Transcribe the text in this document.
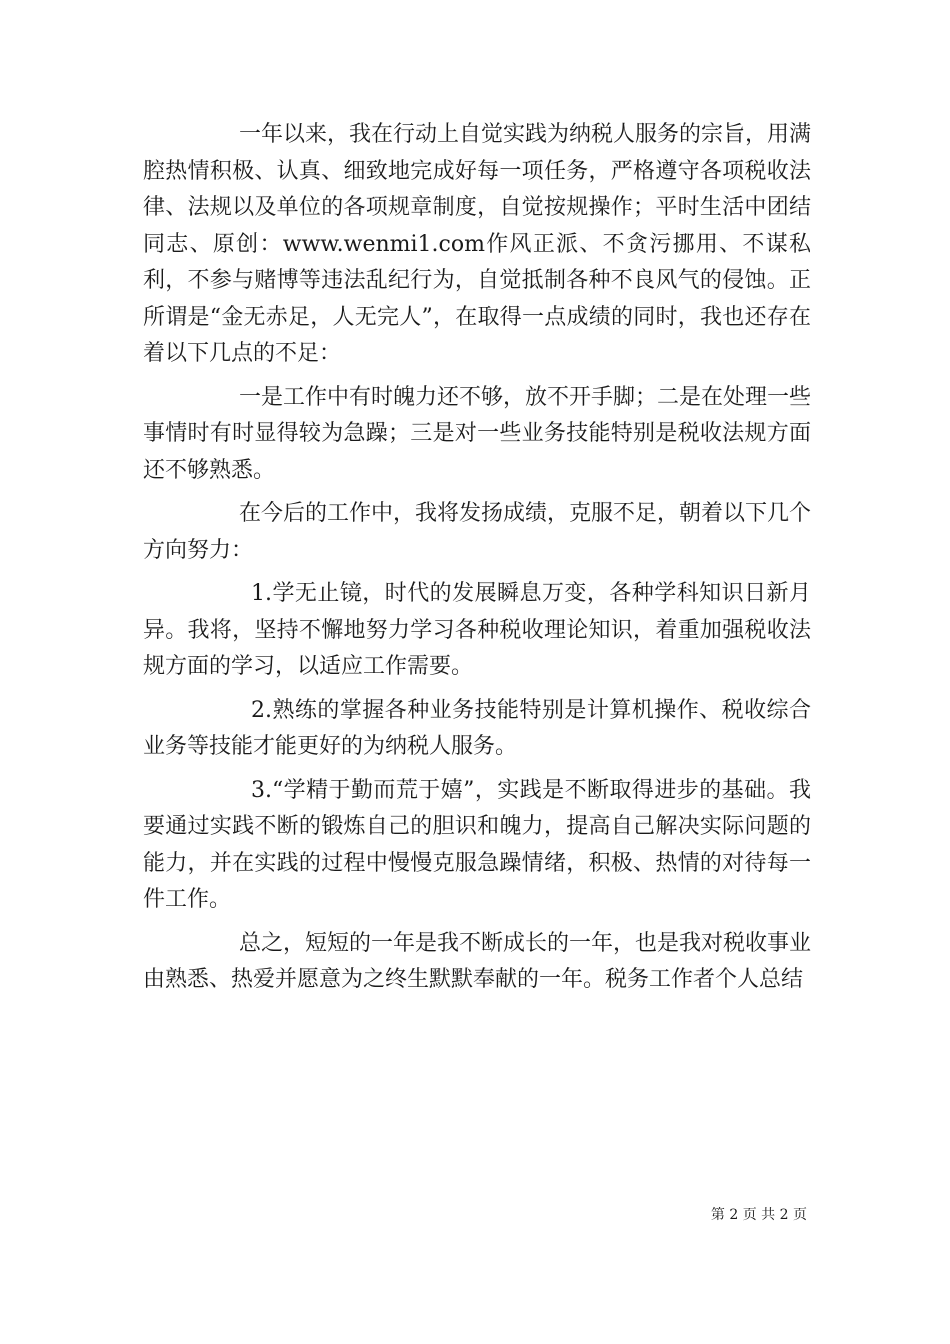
一年以来，我在行动上自觉实践为纳税人服务的宗旨，用满腔热情积极、认真、细致地完成好每一项任务，严格遵守各项税收法律、法规以及单位的各项规章制度，自觉按规操作；平时生活中团结同志、原创：www.wenmi1.com作风正派、不贪污挪用、不谋私利，不参与赌博等违法乱纪行为，自觉抵制各种不良风气的侵蚀。正所谓是“金无赤足，人无完人”，在取得一点成绩的同时，我也还存在着以下几点的不足：

一是工作中有时魄力还不够，放不开手脚；二是在处理一些事情时有时显得较为急躁；三是对一些业务技能特别是税收法规方面还不够熟悉。

在今后的工作中，我将发扬成绩，克服不足，朝着以下几个方向努力：

1.学无止镜，时代的发展瞬息万变，各种学科知识日新月异。我将，坚持不懈地努力学习各种税收理论知识，着重加强税收法规方面的学习，以适应工作需要。

2.熟练的掌握各种业务技能特别是计算机操作、税收综合业务等技能才能更好的为纳税人服务。

3.“学精于勤而荒于嬉”，实践是不断取得进步的基础。我要通过实践不断的锻炼自己的胆识和魄力，提高自己解决实际问题的能力，并在实践的过程中慢慢克服急躁情绪，积极、热情的对待每一件工作。

总之，短短的一年是我不断成长的一年，也是我对税收事业由熟悉、热爱并愿意为之终生默默奉献的一年。税务工作者个人总结

第 2 页 共 2 页
